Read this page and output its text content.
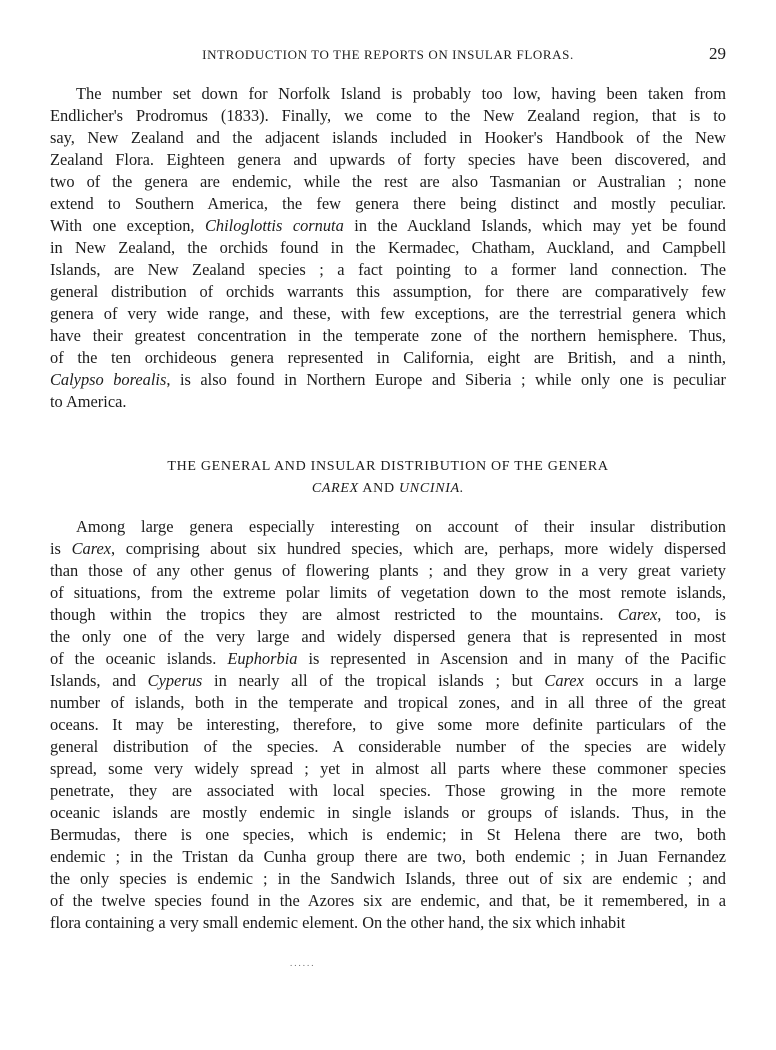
INTRODUCTION TO THE REPORTS ON INSULAR FLORAS.	29
The number set down for Norfolk Island is probably too low, having been taken from
Endlicher's Prodromus (1833). Finally, we come to the New Zealand region, that is to
say, New Zealand and the adjacent islands included in Hooker's Handbook of the New
Zealand Flora. Eighteen genera and upwards of forty species have been discovered, and
two of the genera are endemic, while the rest are also Tasmanian or Australian ; none
extend to Southern America, the few genera there being distinct and mostly peculiar.
With one exception, Chiloglottis cornuta in the Auckland Islands, which may yet be found
in New Zealand, the orchids found in the Kermadec, Chatham, Auckland, and Campbell
Islands, are New Zealand species ; a fact pointing to a former land connection. The
general distribution of orchids warrants this assumption, for there are comparatively few
genera of very wide range, and these, with few exceptions, are the terrestrial genera which
have their greatest concentration in the temperate zone of the northern hemisphere. Thus,
of the ten orchideous genera represented in California, eight are British, and a ninth,
Calypso borealis, is also found in Northern Europe and Siberia ; while only one is peculiar
to America.
THE GENERAL AND INSULAR DISTRIBUTION OF THE GENERA
CAREX AND UNCINIA.
Among large genera especially interesting on account of their insular distribution
is Carex, comprising about six hundred species, which are, perhaps, more widely dispersed
than those of any other genus of flowering plants ; and they grow in a very great variety
of situations, from the extreme polar limits of vegetation down to the most remote islands,
though within the tropics they are almost restricted to the mountains. Carex, too, is
the only one of the very large and widely dispersed genera that is represented in most
of the oceanic islands. Euphorbia is represented in Ascension and in many of the Pacific
Islands, and Cyperus in nearly all of the tropical islands ; but Carex occurs in a large
number of islands, both in the temperate and tropical zones, and in all three of the great
oceans. It may be interesting, therefore, to give some more definite particulars of the
general distribution of the species. A considerable number of the species are widely
spread, some very widely spread ; yet in almost all parts where these commoner species
penetrate, they are associated with local species. Those growing in the more remote
oceanic islands are mostly endemic in single islands or groups of islands. Thus, in the
Bermudas, there is one species, which is endemic; in St Helena there are two, both
endemic ; in the Tristan da Cunha group there are two, both endemic ; in Juan Fernandez
the only species is endemic ; in the Sandwich Islands, three out of six are endemic ; and
of the twelve species found in the Azores six are endemic, and that, be it remembered, in a
flora containing a very small endemic element. On the other hand, the six which inhabit
......
